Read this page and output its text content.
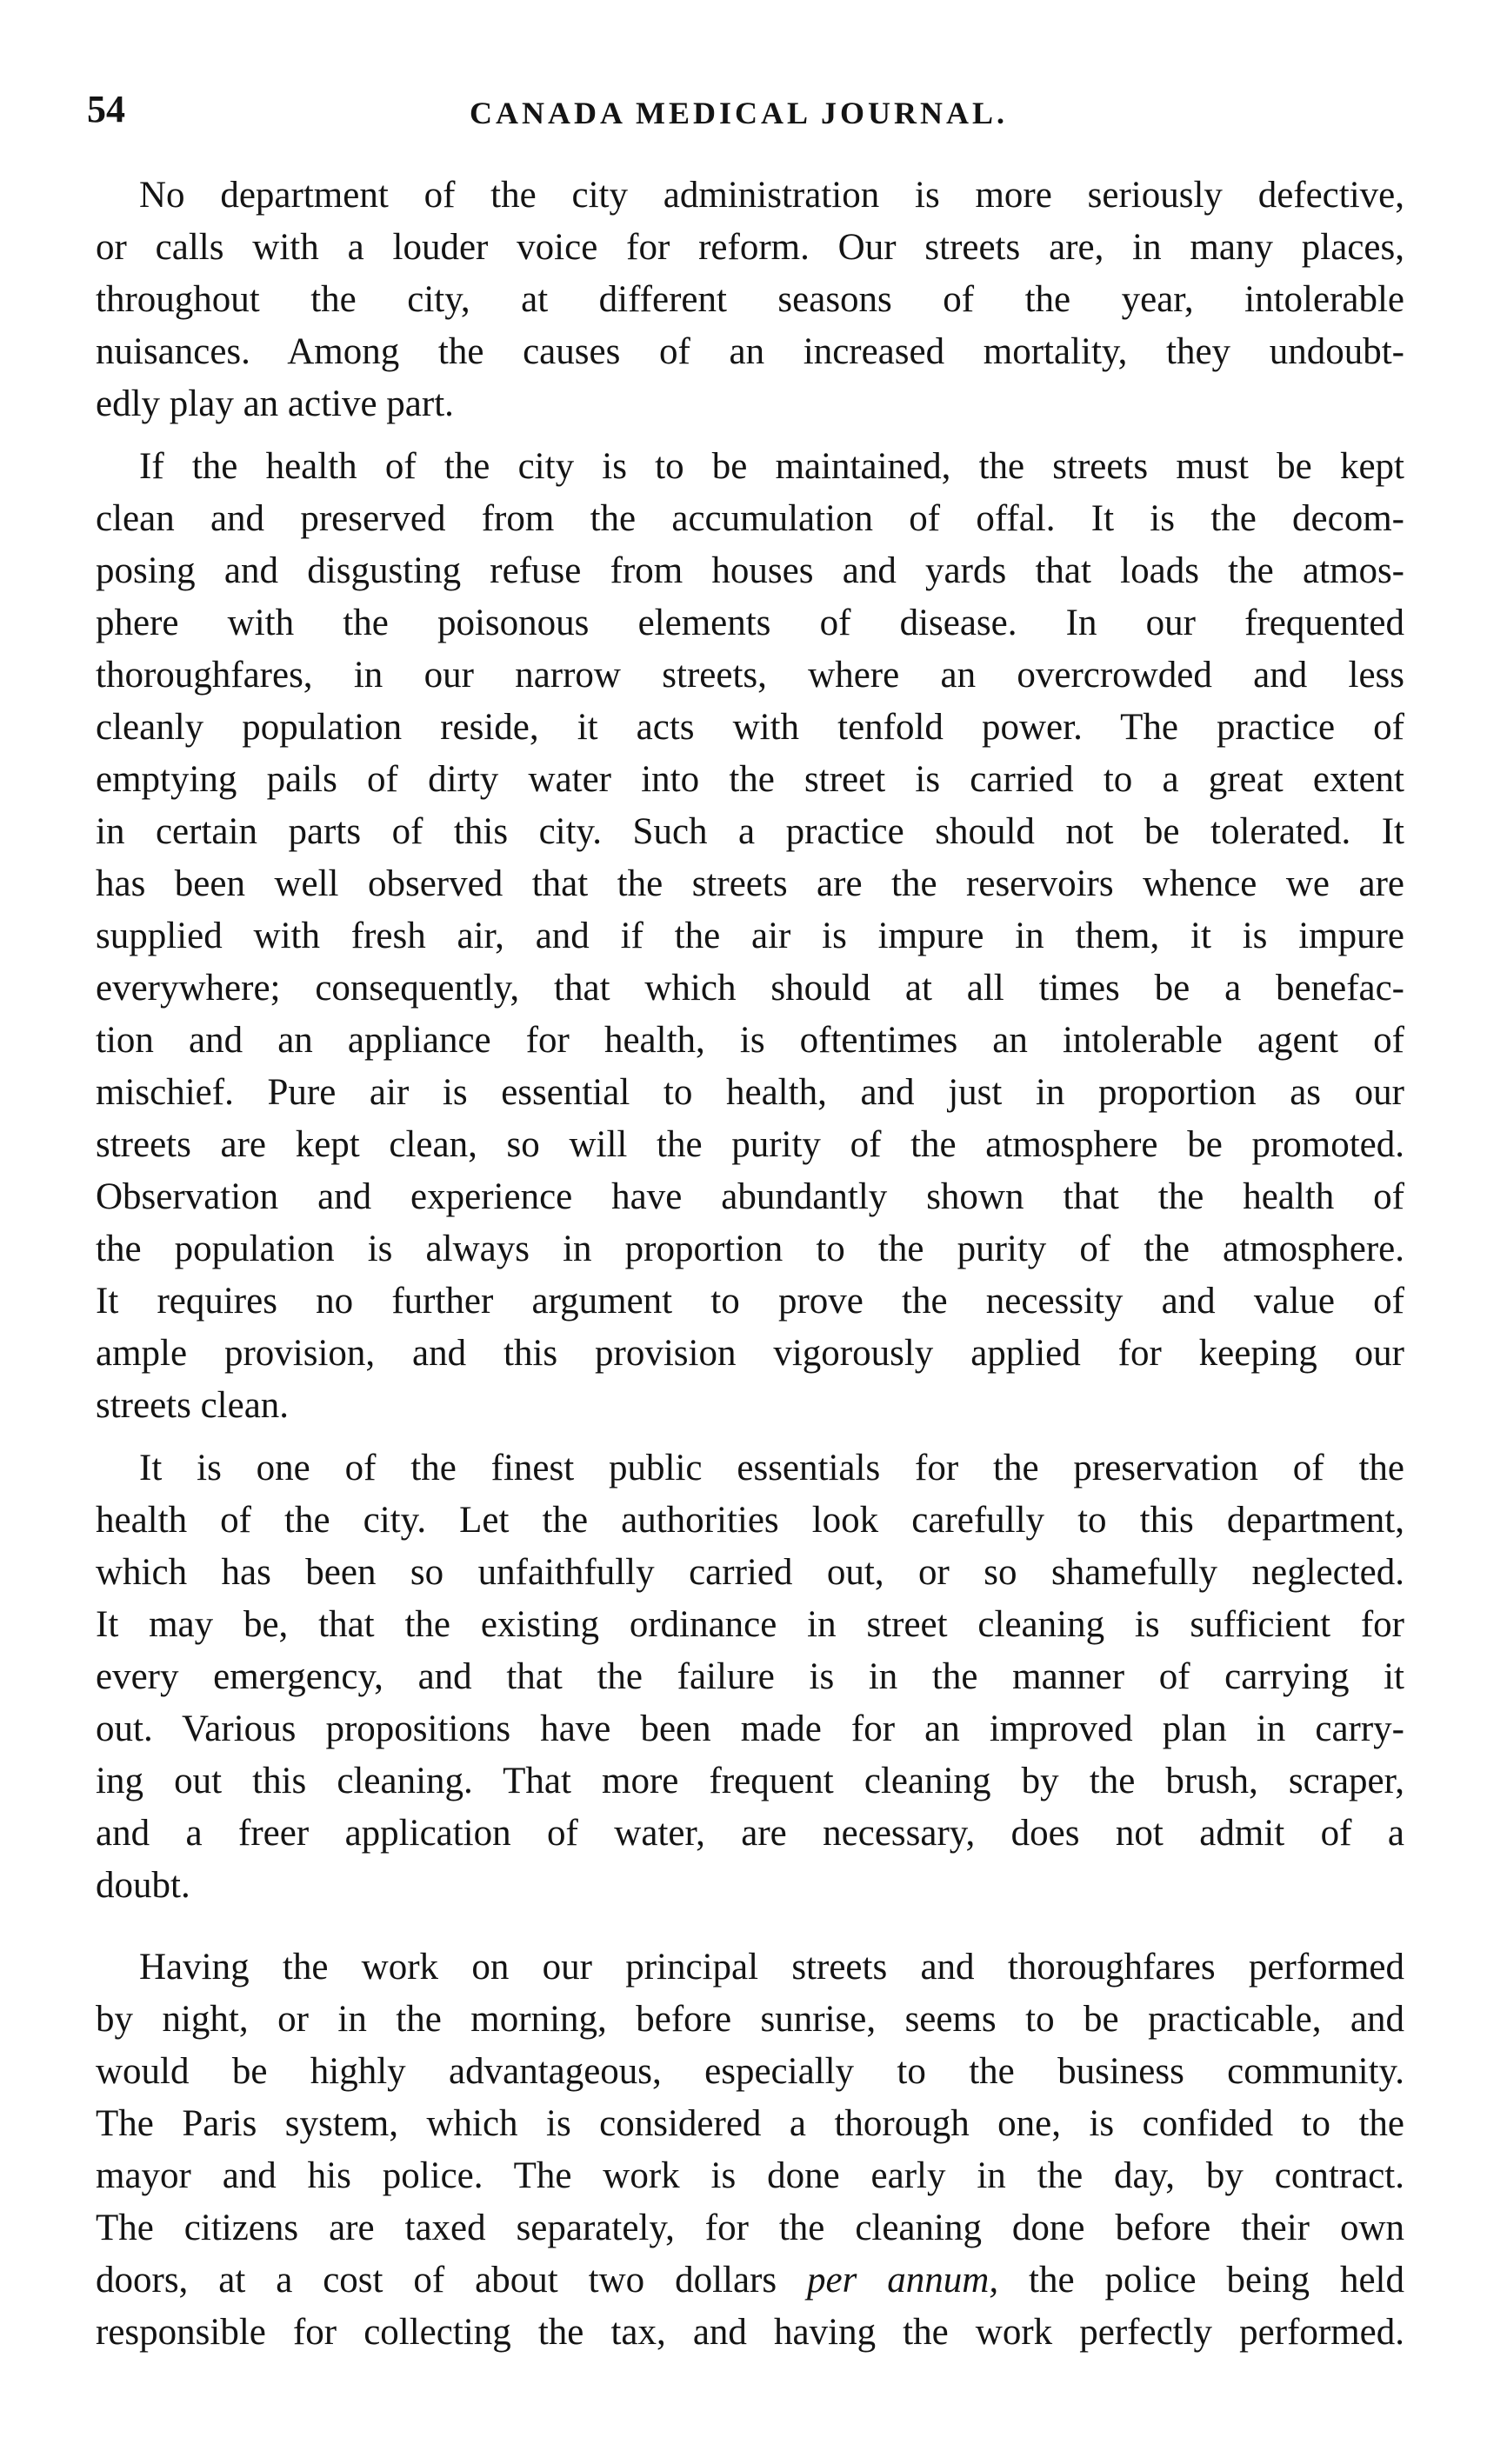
54	CANADA MEDICAL JOURNAL.

No department of the city administration is more seriously defective,
or calls with a louder voice for reform. Our streets are, in many places,
throughout the city, at different seasons of the year, intolerable
nuisances. Among the causes of an increased mortality, they undoubt-
edly play an active part.

If the health of the city is to be maintained, the streets must be kept
clean and preserved from the accumulation of offal. It is the decom-
posing and disgusting refuse from houses and yards that loads the atmos-
phere with the poisonous elements of disease. In our frequented
thoroughfares, in our narrow streets, where an overcrowded and less
cleanly population reside, it acts with tenfold power. The practice of
emptying pails of dirty water into the street is carried to a great extent
in certain parts of this city. Such a practice should not be tolerated. It
has been well observed that the streets are the reservoirs whence we are
supplied with fresh air, and if the air is impure in them, it is impure
everywhere; consequently, that which should at all times be a benefac-
tion and an appliance for health, is oftentimes an intolerable agent of
mischief. Pure air is essential to health, and just in proportion as our
streets are kept clean, so will the purity of the atmosphere be promoted.
Observation and experience have abundantly shown that the health of
the population is always in proportion to the purity of the atmosphere.
It requires no further argument to prove the necessity and value of
ample provision, and this provision vigorously applied for keeping our
streets clean.

It is one of the finest public essentials for the preservation of the
health of the city. Let the authorities look carefully to this department,
which has been so unfaithfully carried out, or so shamefully neglected.
It may be, that the existing ordinance in street cleaning is sufficient for
every emergency, and that the failure is in the manner of carrying it
out. Various propositions have been made for an improved plan in carry-
ing out this cleaning. That more frequent cleaning by the brush, scraper,
and a freer application of water, are necessary, does not admit of a
doubt.

Having the work on our principal streets and thoroughfares performed
by night, or in the morning, before sunrise, seems to be practicable, and
would be highly advantageous, especially to the business community.
The Paris system, which is considered a thorough one, is confided to the
mayor and his police. The work is done early in the day, by contract.
The citizens are taxed separately, for the cleaning done before their own
doors, at a cost of about two dollars per annum, the police being held
responsible for collecting the tax, and having the work perfectly performed.
